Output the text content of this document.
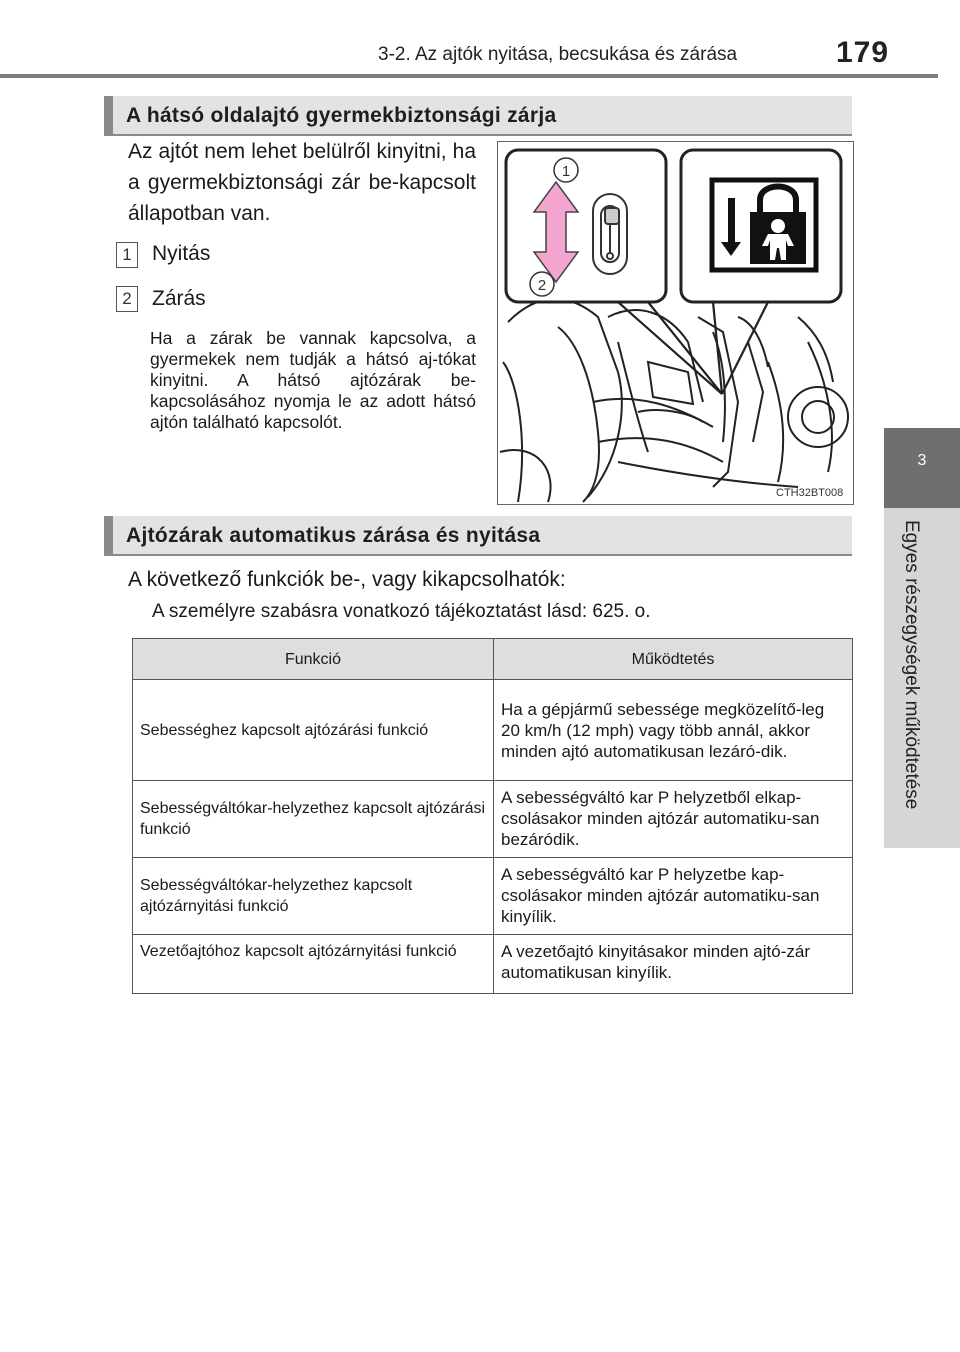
3-2. Az ajtók nyitása, becsukása és zárása	179
3
Egyes részegységek működtetése
A hátsó oldalajtó gyermekbiztonsági zárja
Az ajtót nem lehet belülről kinyitni, ha a gyermekbiztonsági zár be-kapcsolt állapotban van.
1 Nyitás
2 Zárás
Ha a zárak be vannak kapcsolva, a gyermekek nem tudják a hátsó aj-tókat kinyitni. A hátsó ajtózárak be-kapcsolásához nyomja le az adott hátsó ajtón található kapcsolót.
1
2
CTH32BT008
Ajtózárak automatikus zárása és nyitása
A következő funkciók be-, vagy kikapcsolhatók:
A személyre szabásra vonatkozó tájékoztatást lásd: 625. o.
Funkció	Működtetés
Sebességhez kapcsolt ajtózárási funkció	Ha a gépjármű sebessége megközelítő-leg 20 km/h (12 mph) vagy több annál, akkor minden ajtó automatikusan lezáró-dik.
Sebességváltókar-helyzethez kapcsolt ajtózárási funkció	A sebességváltó kar P helyzetből elkap-csolásakor minden ajtózár automatiku-san bezáródik.
Sebességváltókar-helyzethez kapcsolt ajtózárnyitási funkció	A sebességváltó kar P helyzetbe kap-csolásakor minden ajtózár automatiku-san kinyílik.
Vezetőajtóhoz kapcsolt ajtózárnyitási funkció	A vezetőajtó kinyitásakor minden ajtó-zár automatikusan kinyílik.
